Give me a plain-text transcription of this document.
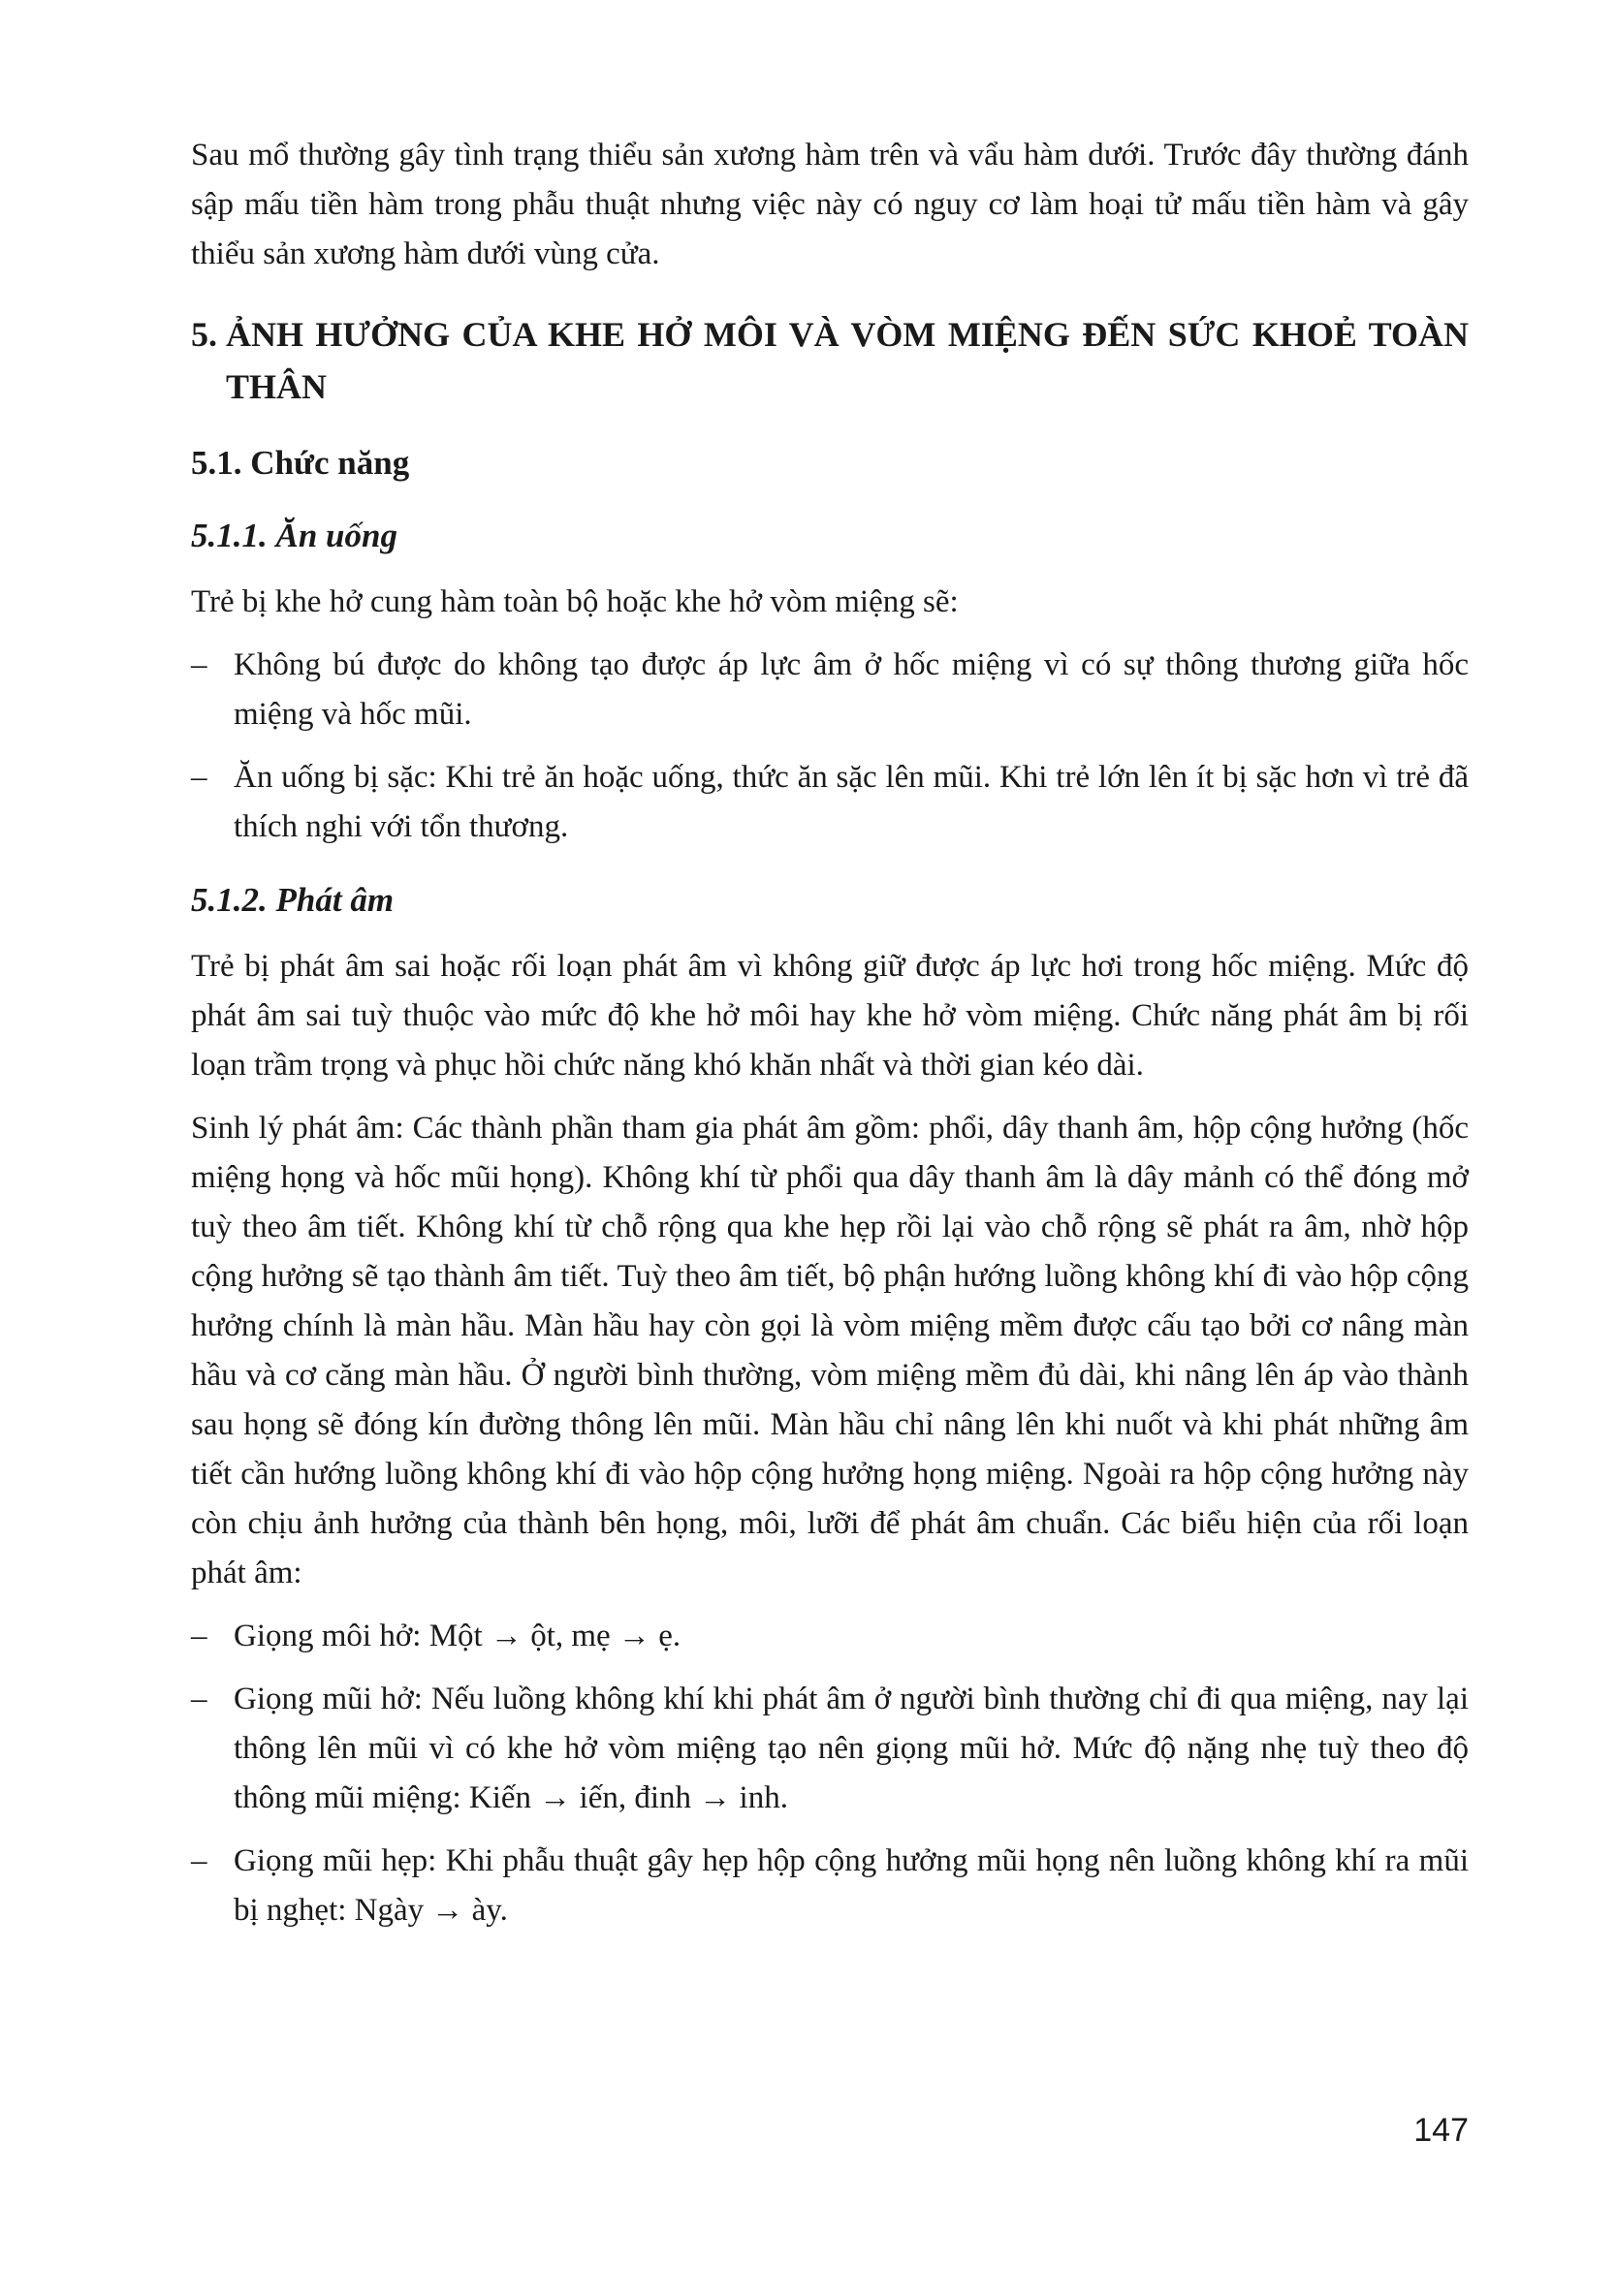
Sau mổ thường gây tình trạng thiểu sản xương hàm trên và vẩu hàm dưới. Trước đây thường đánh sập mấu tiền hàm trong phẫu thuật nhưng việc này có nguy cơ làm hoại tử mấu tiền hàm và gây thiểu sản xương hàm dưới vùng cửa.

5. ẢNH HƯỞNG CỦA KHE HỞ MÔI VÀ VÒM MIỆNG ĐẾN SỨC KHOẺ TOÀN THÂN
5.1. Chức năng
5.1.1. Ăn uống

Trẻ bị khe hở cung hàm toàn bộ hoặc khe hở vòm miệng sẽ:

– Không bú được do không tạo được áp lực âm ở hốc miệng vì có sự thông thương giữa hốc miệng và hốc mũi.

– Ăn uống bị sặc: Khi trẻ ăn hoặc uống, thức ăn sặc lên mũi. Khi trẻ lớn lên ít bị sặc hơn vì trẻ đã thích nghi với tổn thương.

5.1.2. Phát âm

Trẻ bị phát âm sai hoặc rối loạn phát âm vì không giữ được áp lực hơi trong hốc miệng. Mức độ phát âm sai tuỳ thuộc vào mức độ khe hở môi hay khe hở vòm miệng. Chức năng phát âm bị rối loạn trầm trọng và phục hồi chức năng khó khăn nhất và thời gian kéo dài.

Sinh lý phát âm: Các thành phần tham gia phát âm gồm: phổi, dây thanh âm, hộp cộng hưởng (hốc miệng họng và hốc mũi họng). Không khí từ phổi qua dây thanh âm là dây mảnh có thể đóng mở tuỳ theo âm tiết. Không khí từ chỗ rộng qua khe hẹp rồi lại vào chỗ rộng sẽ phát ra âm, nhờ hộp cộng hưởng sẽ tạo thành âm tiết. Tuỳ theo âm tiết, bộ phận hướng luồng không khí đi vào hộp cộng hưởng chính là màn hầu. Màn hầu hay còn gọi là vòm miệng mềm được cấu tạo bởi cơ nâng màn hầu và cơ căng màn hầu. Ở người bình thường, vòm miệng mềm đủ dài, khi nâng lên áp vào thành sau họng sẽ đóng kín đường thông lên mũi. Màn hầu chỉ nâng lên khi nuốt và khi phát những âm tiết cần hướng luồng không khí đi vào hộp cộng hưởng họng miệng. Ngoài ra hộp cộng hưởng này còn chịu ảnh hưởng của thành bên họng, môi, lưỡi để phát âm chuẩn. Các biểu hiện của rối loạn phát âm:

– Giọng môi hở: Một → ột, mẹ → ẹ.

– Giọng mũi hở: Nếu luồng không khí khi phát âm ở người bình thường chỉ đi qua miệng, nay lại thông lên mũi vì có khe hở vòm miệng tạo nên giọng mũi hở. Mức độ nặng nhẹ tuỳ theo độ thông mũi miệng: Kiến → iến, đinh → inh.

– Giọng mũi hẹp: Khi phẫu thuật gây hẹp hộp cộng hưởng mũi họng nên luồng không khí ra mũi bị nghẹt: Ngày → ày.

147
